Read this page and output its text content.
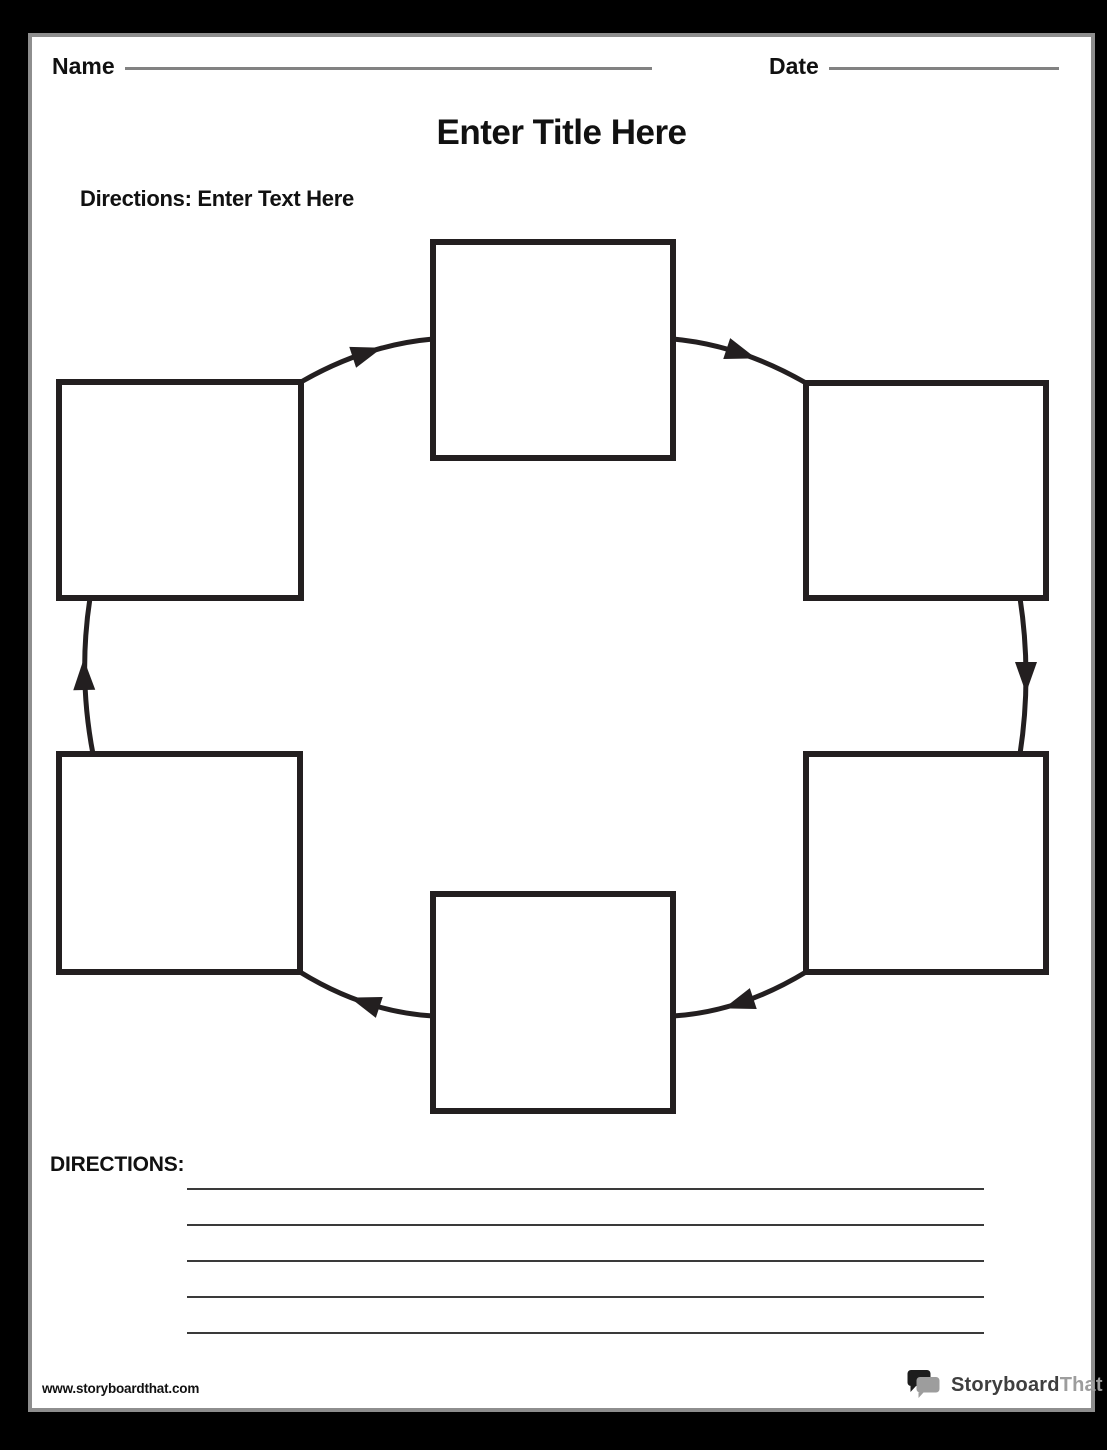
Name	Date
Enter Title Here
Directions: Enter Text Here
DIRECTIONS:
www.storyboardthat.com	Storyboard That
